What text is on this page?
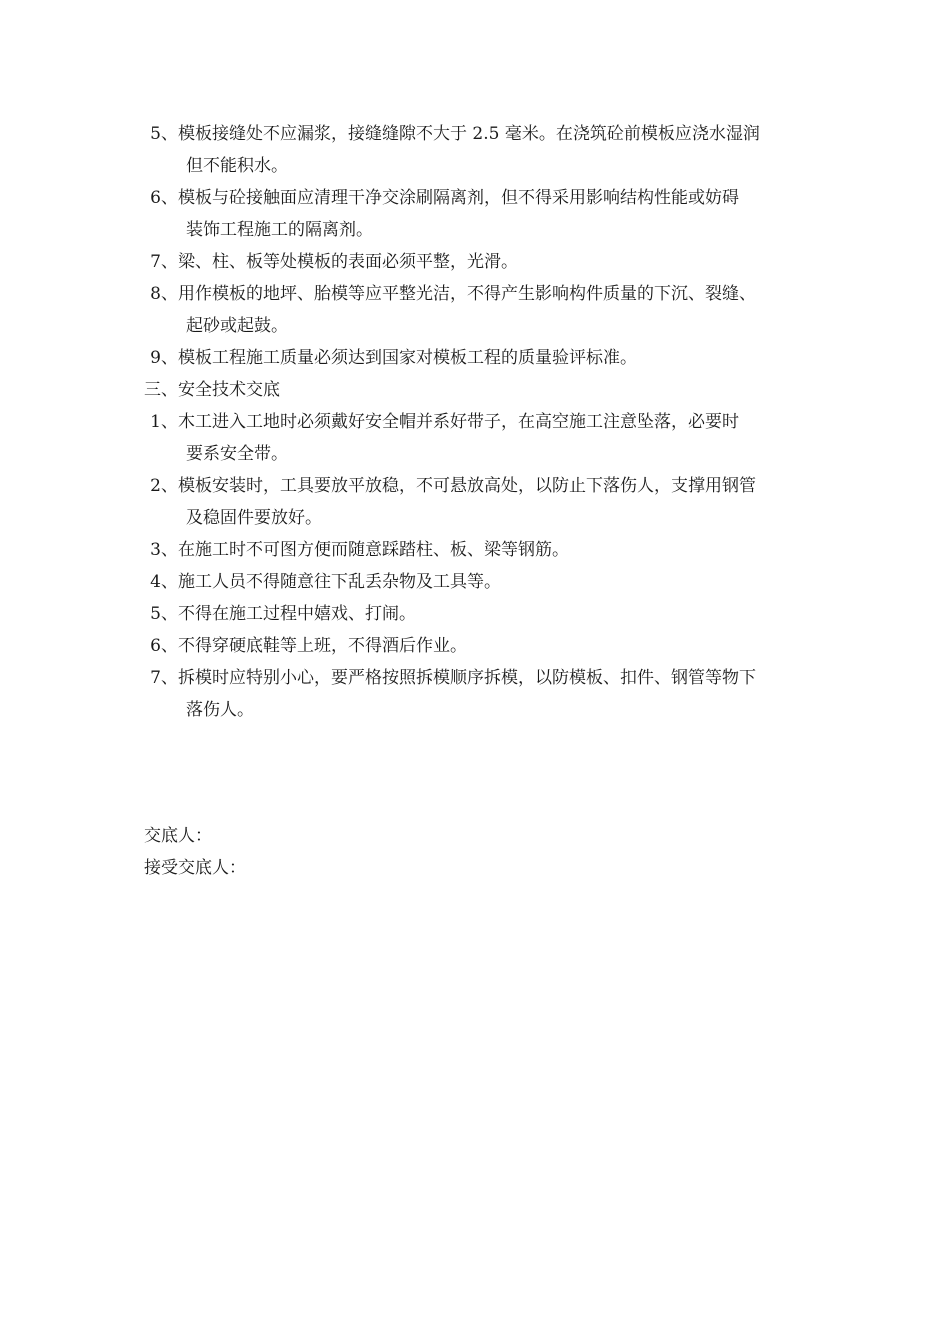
5、 模板接缝处不应漏浆，接缝缝隙不大于 2.5 毫米。在浇筑砼前模板应浇水湿润
但不能积水。
6、 模板与砼接触面应清理干净交涂刷隔离剂，但不得采用影响结构性能或妨碍
装饰工程施工的隔离剂。
7、 梁、柱、板等处模板的表面必须平整，光滑。
8、 用作模板的地坪、胎模等应平整光洁，不得产生影响构件质量的下沉、裂缝、
起砂或起鼓。
9、 模板工程施工质量必须达到国家对模板工程的质量验评标准。
三、安全技术交底
1、 木工进入工地时必须戴好安全帽并系好带子，在高空施工注意坠落，必要时
要系安全带。
2、 模板安装时，工具要放平放稳，不可悬放高处，以防止下落伤人，支撑用钢管
及稳固件要放好。
3、 在施工时不可图方便而随意踩踏柱、板、梁等钢筋。
4、 施工人员不得随意往下乱丢杂物及工具等。
5、 不得在施工过程中嬉戏、打闹。
6、 不得穿硬底鞋等上班，不得酒后作业。
7、 拆模时应特别小心，要严格按照拆模顺序拆模，以防模板、扣件、钢管等物下
落伤人。
交底人：
接受交底人：
